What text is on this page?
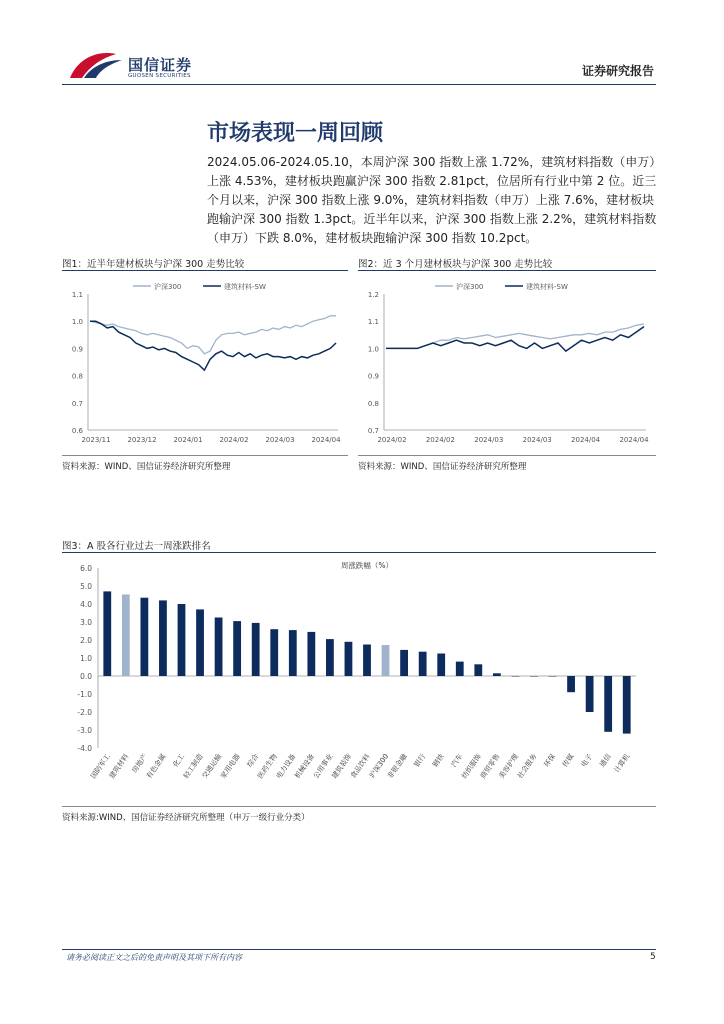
国信证券
GUOSEN SECURITIES	证券研究报告
市场表现一周回顾
2024.05.06-2024.05.10，本周沪深 300 指数上涨 1.72%，建筑材料指数（申万）上涨 4.53%，建材板块跑赢沪深 300 指数 2.81pct，位居所有行业中第 2 位。近三个月以来，沪深 300 指数上涨 9.0%，建筑材料指数（申万）上涨 7.6%，建材板块跑输沪深 300 指数 1.3pct。近半年以来，沪深 300 指数上涨 2.2%，建筑材料指数（申万）下跌 8.0%，建材板块跑输沪深 300 指数 10.2pct。
图1：近半年建材板块与沪深 300 走势比较
1.1
1.0
0.9
0.8
0.7
0.6
2023/11 2023/12 2024/01 2024/02 2024/03 2024/04
沪深300	建筑材料-SW
资料来源：WIND、国信证券经济研究所整理
图2：近 3 个月建材板块与沪深 300 走势比较
1.2
1.1
1.0
0.9
0.8
0.7
2024/02	2024/02	2024/03	2024/03	2024/04	2024/04
沪深300	建筑材料-SW
资料来源：WIND、国信证券经济研究所整理
图3：A 股各行业过去一周涨跌排名
周涨跌幅（%）
6.0
5.0
4.0
3.0
2.0
1.0
0.0
-1.0
-2.0
-3.0
-4.0
国防军工
建筑材料 房地产
有色金属 化工
轻工制造
交通运输
家用电器 综合
医药生物
电力设备
机械设备
公用事业
建筑装饰
食品饮料
沪深300
非银金融 银行 钢铁 汽车
纺织服饰
商贸零售
美容护理
社会服务 环保 传媒 电子 通信 计算机
资料来源:WIND、国信证券经济研究所整理（申万一级行业分类）
请务必阅读正文之后的免责声明及其项下所有内容	5
